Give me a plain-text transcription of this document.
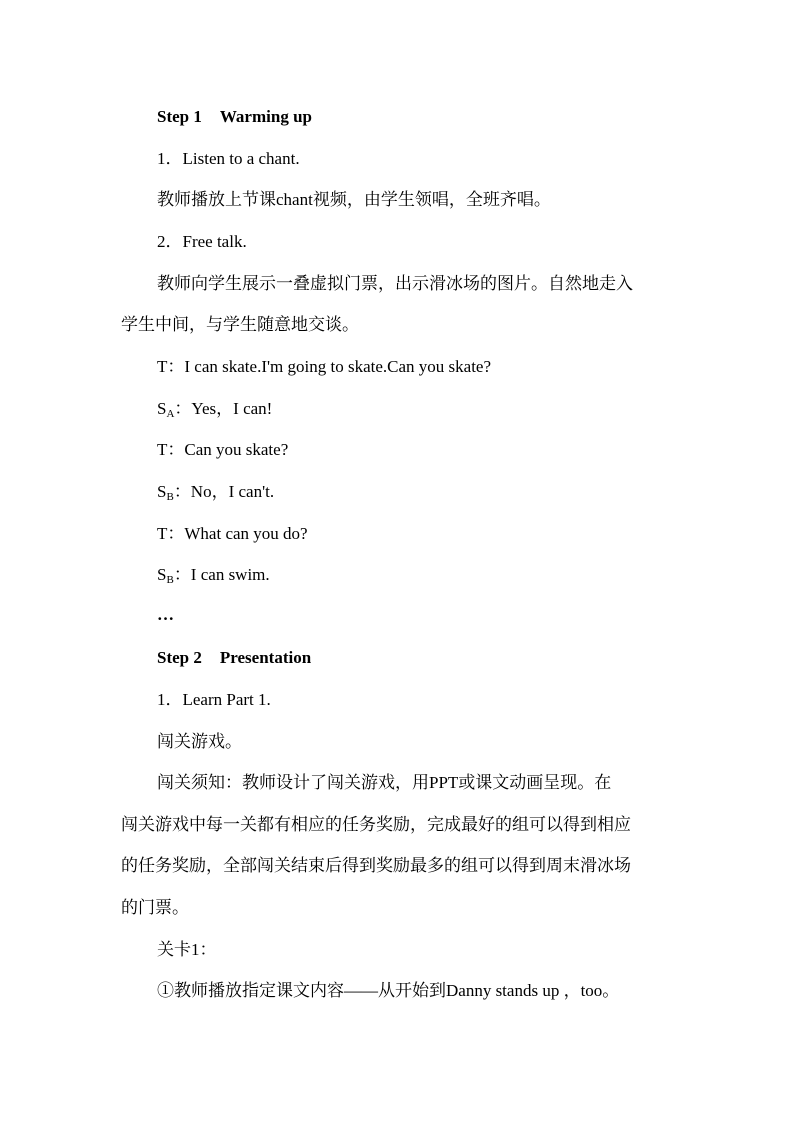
Step 1 Warming up
1．Listen to a chant.
教师播放上节课chant视频，由学生领唱，全班齐唱。
2．Free talk.
教师向学生展示一叠虚拟门票，出示滑冰场的图片。自然地走入
学生中间，与学生随意地交谈。
T：I can skate.I'm going to skate.Can you skate?
$S_A$：Yes，I can!
T：Can you skate?
$S_B$：No，I can't.
T：What can you do?
$S_B$：I can swim.
…
Step 2 Presentation
1．Learn Part 1.
闯关游戏。
闯关须知：教师设计了闯关游戏，用PPT或课文动画呈现。在
闯关游戏中每一关都有相应的任务奖励，完成最好的组可以得到相应
的任务奖励，全部闯关结束后得到奖励最多的组可以得到周末滑冰场
的门票。
关卡1：
①教师播放指定课文内容——从开始到Danny stands up ，too。
